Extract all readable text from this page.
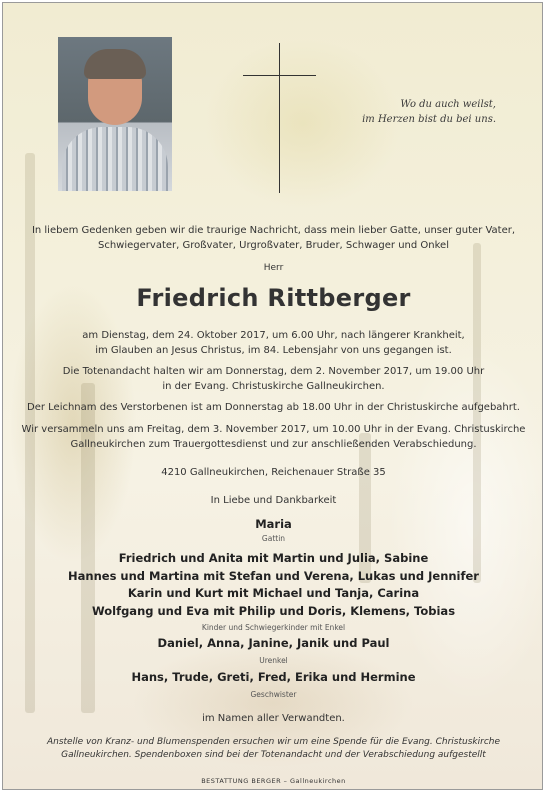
Wo du auch weilst,
im Herzen bist du bei uns.
In liebem Gedenken geben wir die traurige Nachricht, dass mein lieber Gatte, unser guter Vater,
Schwiegervater, Großvater, Urgroßvater, Bruder, Schwager und Onkel
Herr
Friedrich Rittberger
am Dienstag, dem 24. Oktober 2017, um 6.00 Uhr, nach längerer Krankheit,
im Glauben an Jesus Christus, im 84. Lebensjahr von uns gegangen ist.
Die Totenandacht halten wir am Donnerstag, dem 2. November 2017, um 19.00 Uhr
in der Evang. Christuskirche Gallneukirchen.
Der Leichnam des Verstorbenen ist am Donnerstag ab 18.00 Uhr in der Christuskirche aufgebahrt.
Wir versammeln uns am Freitag, dem 3. November 2017, um 10.00 Uhr in der Evang. Christuskirche
Gallneukirchen zum Trauergottesdienst und zur anschließenden Verabschiedung.
4210 Gallneukirchen, Reichenauer Straße 35
In Liebe und Dankbarkeit
Maria
Gattin
Friedrich und Anita mit Martin und Julia, Sabine
Hannes und Martina mit Stefan und Verena, Lukas und Jennifer
Karin und Kurt mit Michael und Tanja, Carina
Wolfgang und Eva mit Philip und Doris, Klemens, Tobias
Kinder und Schwiegerkinder mit Enkel
Daniel, Anna, Janine, Janik und Paul
Urenkel
Hans, Trude, Greti, Fred, Erika und Hermine
Geschwister
im Namen aller Verwandten.
Anstelle von Kranz- und Blumenspenden ersuchen wir um eine Spende für die Evang. Christuskirche
Gallneukirchen. Spendenboxen sind bei der Totenandacht und der Verabschiedung aufgestellt
BESTATTUNG BERGER – Gallneukirchen
